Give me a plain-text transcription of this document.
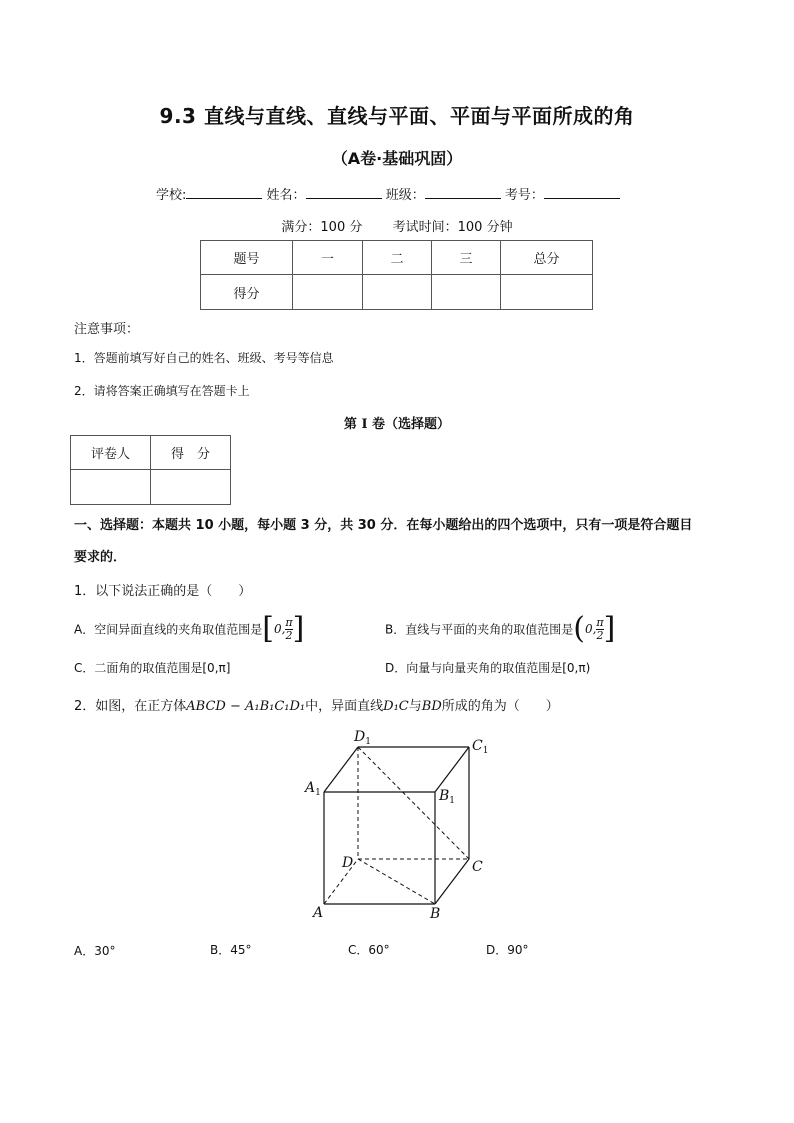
9.3 直线与直线、直线与平面、平面与平面所成的角
（A卷·基础巩固）
学校:	姓名：	班级：	考号：
满分：100 分 考试时间：100 分钟
题号	一	二	三	总分
得分				
注意事项：
1．答题前填写好自己的姓名、班级、考号等信息
2．请将答案正确填写在答题卡上
第 I 卷（选择题）
评卷人	得　分

一、选择题：本题共 10 小题，每小题 3 分，共 30 分．在每小题给出的四个选项中，只有一项是符合题目
要求的．
1．以下说法正确的是（　　）
A．空间异面直线的夹角取值范围是[0, $\frac{\pi}{2}$ ]	B．直线与平面的夹角的取值范围是(0, $\frac{\pi}{2}$ ]
C．二面角的取值范围是[0,π]	D．向量与向量夹角的取值范围是[0,π)
2．如图，在正方体ABCD − A₁B₁C₁D₁中，异面直线D₁C与BD所成的角为（　　）
$D_1$	$C_1$
$A_1$	$B_1$
D	C
A	B
A．30°	B．45°	C．60°	D．90°
